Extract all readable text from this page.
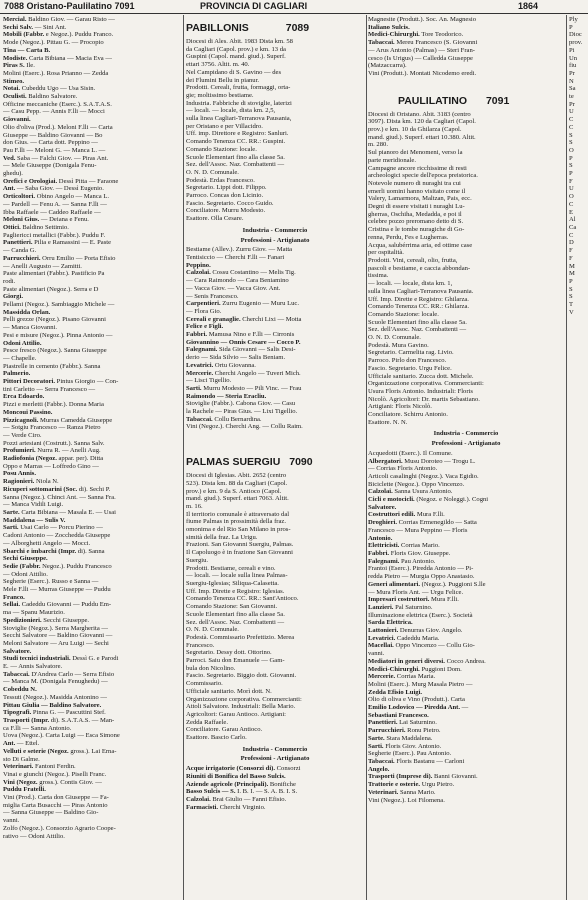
7088 Oristano-Paulilatino 7091	PROVINCIA DI CAGLIARI	1864
Mercial. Baldino Giov. — Garau Risto —
Sechi Salv. — Sini Ant.
Mobili (Fabbr. e Negoz.). Puddu Franco.
Mode (Negoz.). Pittau G. — Procopio
Tina — Carta B.
Modiste. Carta Bibiana — Macia Eva —
Piras S. Ile.
Molini (Eserc.). Rosa Prianno — Zedda
Stimeo.
Notai. Cubeddu Ugo — Usa Sisin.
Oculisti. Baldino Salvatore.
Officine meccaniche (Eserc.). S.A.T.A.S.
— Casu Pepp. — Annis F.lli — Mocci
Giovanni.
Olio d'oliva (Prod.). Meloni F.lli — Carta
Giuseppe — Baldino Giovanni — Bo
don Gius. — Carta dott. Peppino —
Pau F.lli — Meloni G. — Manca L. —
Ved. Saba — Falchi Giov. — Piras Ant.
— Mele Giuseppe (Donigala Fenu-
ghedu).
Orefici e Orologiai. Dessì Pitta — Faraone
Ant. — Saba Giov. — Dessì Eugenio.
Orticoltori. Obino Angelo — Manca L.
— Pardell — Fenu A. — Sanna F.lli —
Ibba Raffaele — Caddeo Raffaele —
Meloni Gius. — Deiana e Fenu.
Ottici. Baldino Settimio.
Pagliericci metallici (Fabbr.). Puddu F.
Panettieri. Pilia e Ramassini — E. Paste
— Canda G.
Parrucchieri. Orru Emilio — Porta Efisio
— Anelli Augusto — Zamitti.
Paste alimentari (Fabbr.). Pastificio Pa
rodi.
Paste alimentari (Negoz.). Serra e D
Giorgi.
Pellami (Negoz.). Sambiaggio Michele —
Massidda Orlan.
Pelli grezze (Negoz.). Pisano Giovanni
— Manca Giovanni.
Pesi e misure (Negoz.). Pinna Antonio —
Odoni Attilio.
Pesce fresco (Negoz.). Sanna Giuseppe
— Chapelle.
Piastrelle in cemento (Fabbr.). Sanna
Palmerio.
Pittori Decoratori. Pintus Giorgio — Con-
tini Carletto — Serra Francesco —
Erca Edoardo.
Pizzi e merletti (Fabbr.). Donna Maria
Moncoui Passino.
Pizzicagnoli. Murras Camedda Giuseppe
— Sotgiu Francesco — Ranza Pietro
— Verde Ciro.
Pozzi artesiani (Costrutt.). Sanna Salv.
Profumieri. Nurra R. — Anelli Aug.
Radiofonia (Negoz. appar. per). Ditta
Oppo e Marras — Loffredo Gino —
Posu Annis.
Ragionieri. Niola N.
Ricuperi sottomarini (Soc. di). Sechi P.
Sanna (Negoz.). Chinci Ant. — Sanna Fra.
— Manca Vidili Luigi.
Sarte. Carta Bibiana — Masala E. — Usai
Maddalena — Sulis V.
Sarti. Usai Carlo — Porcu Pierino —
Cadoni Antonio — Zocchedda Giuseppe
— Alborghetti Angelo — Mocci.
Sbarchi e imbarchi (Impr. di). Sanna
Sechi Giuseppe.
Sedie (Fabbr. Negoz.). Puddu Francesco
— Odoni Attilio.
Segherie (Eserc.). Russo e Sanna —
Mele F.lli — Murras Giuseppe — Puddu
Franco.
Sellai. Cadeddu Giovanni — Puddu Em-
ma — Spanu Maurizio.
Spedizionieri. Secchi Giuseppe.
Stoviglie (Negoz.). Serra Margherita —
Secchi Salvatore — Baldino Giovanni —
Meloni Salvatore — Aru Luigi — Sechi
Salvatore.
Studi tecnici industriali. Dessì G. e Parodi
E. — Annis Salvatore.
Tabaccai. D'Andrea Carlo — Serra Efisio
— Manca M. (Donigala Fenughedu) —
Cobeddu N.
Tessuti (Negoz.). Masidda Antonino —
Pittau Giulia — Baldino Salvatore.
Tipografi. Pinna G. — Pascuttini Stef.
Trasporti (Impr. di). S.A.T.A.S. — Man-
ca F.lli — Sanna Antonio.
Uova (Negoz.). Carta Luigi — Esca Simone
Ant. — Ettel.
Velluti e seterie (Negoz. gross.). Lai Erna-
sto Di Galme.
Veterinari. Fantoni Ferdin.
Vinai e giunchi (Negoz.). Piselli Franc.
Vini (Negoz. gross.). Contis Giov. —
Puddu Fratelli.
Vini (Prod.). Carta don Giuseppe — Fa-
miglia Carta Busacchi — Piras Antonio
— Sanna Giuseppe — Baldino Gio-
vanni.
Zolfo (Negoz.). Consorzio Agrario Coope-
rativo — Odoni Attilio.
PABILLONIS	7089
Diocesi di Ales. Abit. 1983 Dista km. 58
da Cagliari (Capol. prov.) e km. 13 da
Guspini (Capol. mand. giud.). Superf.
ettari 3756. Altit. m. 40.
Nel Campidano di S. Gavino — des
dei Flumini Bellu in pianur.
Prodotti. Cereali, frutta, formaggi, orta-
gie; moltissimo bestiame.
Industria. Fabbriche di stoviglie, laterizi
— locali. — locale, dista km. 2,5,
sulla linea Cagliari-Terranova Pausania,
per Oristano e per Villacidro.
Uff. imp. Direttore e Registro: Sanluri.
Comando Tenenza CC. RR.: Guspini.
Comando Stazione: locale.
Scuole Elementari fino alla classe 5a.
Sez. dell'Assoc. Naz. Combattenti —
O. N. D. Comunale.
Podestà. Erdas Francesco.
Segretario. Lippi dott. Filippo.
Parroco. Concas don Licinio.
Fascio. Segretario. Cocco Guido.
Conciliatore. Murru Modesto.
Esattore. Olla Cesare.
Industria - Commercio
Professioni - Artigianato
Bestiame (Allev.). Zurru Giov. — Matta
Tentisiccio — Cherchi F.lli — Fanari
Peppino.
Calzolai. Cossu Costantino — Melis Tig.
— Cara Raimondo — Cara Beniamino
— Vacca Giov. — Vacca Giov. Ant.
— Senis Francesco.
Carpentieri. Zurru Eugenio — Muru Luc.
— Flora Gio.
Cereali e granaglie. Cherchi Lixi — Motta
Felice e Figli.
Fabbri. Mamusa Nino e F.lli — Cirronis
Giovannino — Onnis Cesare — Cocco P.
Falegnami. Sida Giovanni — Salis Desi-
derio — Sida Silvio — Salis Beniam.
Levatrici. Ortu Giovanna.
Mercerie. Cherchi Angelo — Tuveri Mich.
— Lisci Tigellio.
Sarti. Murru Modesto — Pili Vinc. — Frau
Raimondo — Steria Eracliu.
Stoviglie (Fabbr.). Cabona Giov. — Casu
la Rachele — Piras Gius. — Lixi Tigellio.
Tabaccai. Collu Bernardina.
Vini (Negoz.). Cherchi Ang. — Collu Raim.
PALMAS SUERGIU 7090
Diocesi di Iglesias. Abit. 2652 (centro
523). Dista km. 88 da Cagliari (Capol.
prov.) e km. 9 da S. Antioco (Capol.
mand. giud.). Superf. ettari 7063. Altit.
m. 16.
Il territorio comunale è attraversato dal
fiume Palmas in prossimità della fraz.
omonima e del Rio San Milano in pros-
simità della fraz. La Urigu.
Frazioni. San Giovanni Suergiu, Palmas.
Il Capoluogo è in frazione San Giovanni
Suergiu.
Prodotti. Bestiame, cereali e vino.
— locali. — locale sulla linea Palmas-
Suergiu-Iglesias; Siliqua-Calasetta.
Uff. Imp. Dirette e Registro: Iglesias.
Comando Tenenza CC. RR.: Sant'Antioco.
Comando Stazione: San Giovanni.
Scuole Elementari fino alla classe 5a.
Sez. dell'Assoc. Naz. Combattenti —
O. N. D. Comunale.
Podestà. Commissario Prefettizio. Merea
Francesco.
Segretario. Dessy dott. Ottorino.
Parroci. Saiu don Emanuele — Gam-
bula don Nicolino.
Fascio. Segretario. Biggio dott. Giovanni.
Commissario.
Ufficiale sanitario. Morì dott. N.
Organizzazione corporativa. Commercianti:
Attoli Salvatore. Industriali: Bella Mario.
Agricoltori: Garau Antioco. Artigiani:
Zedda Raffaele.
Conciliatore. Garau Antioco.
Esattore. Bascio Carlo.
Industria - Commercio
Professioni - Artigianato
Acque irrigatorie (Consorzi di). Consorzi
Riuniti di Bonifica del Basso Sulcis.
Aziende agricole (Principali). Bonifiche
Basso Sulcis — S. I. B. I. — S. A. B. I. S.
Calzolai. Brai Giulio — Fanni Efisio.
Farmacisti. Cherchi Virginio.
Magnesite (Produtt.). Soc. An. Magnesio
Italiano Sulcis.
Medici-Chirurghi. Tore Teodorico.
Tabaccai. Mereu Francesco (S. Giovanni
— Arus Antonio (Palmas) — Steri Fran-
cesco (Is Urigus) — Calledda Giuseppe
(Matzaccarra).
Vini (Produtt.). Montati Nicodemo eredi.
PAULILATINO 7091
Diocesi di Oristano. Abit. 3183 (centro
3097). Dista km. 120 da Cagliari (Capol.
prov.) e km. 10 da Ghilarza (Capol.
mand. giud.). Superf. ettari 10.380. Altit.
m. 280.
Sul pianoro dei Menomeni, verso la
parte meridionale.
Campagne ancore ricchissime di resti
archeologici specie dell'epoca preistorica.
Notevole numero di nuraghi tra cui
emerli uomini hanno visitato come il
Valery, Lamarmora, Maltzan, Pais, ecc.
Degni di essere visitati i nuraghi Lu-
gherras, Oschiha, Medadda, e poi il
celebre pozzo preromano detto di S.
Cristina e le tombe nuragiche di Go-
renna, Perdu, Fes e Lugherras.
Acqua, salubérrima aria, ed ottime case
per ospitalità.
Prodotti. Vini, cereali, olio, frutta,
pascoli e bestiame, e caccia abbondan-
tissima.
— locali. — locale, dista km. 1,
sulla linea Cagliari-Terranova Pausania.
Uff. Imp. Dirette e Registro: Ghilarza.
Comando Tenenza CC. RR.: Ghilarza.
Comando Stazione: locale.
Scuole Elementari fino alla classe 5a.
Sez. dell'Assoc. Naz. Combattenti —
O. N. D. Comunale.
Podestà. Mura Gavino.
Segretario. Carmelita rag. Livio.
Parroco. Pirlo don Francesco.
Fascio. Segretario. Urgu Felice.
Ufficiale sanitario. Zucca dott. Michele.
Organizzazione corporativa. Commercianti:
Usura Floris Antonio. Industriali: Floris
Nicolò. Agricoltori: Dr. martis Sebastiano.
Artigiani: Floris Nicolò.
Conciliatore. Schirru Antonio.
Esattore. N. N.
Industria - Commercio
Professioni - Artigianato
Acquedotti (Eserc.). Il Comune.
Albergatori. Musu Doroteo — Trogu L.
— Corrias Floris Antonio.
Articoli casalinghi (Negoz.). Vaca Egidio.
Biciclette (Negoz.). Oppo Vincenzo.
Calzolai. Sanna Usura Antonio.
Cicli e motocicli. (Negoz. e Noleggi.). Cogni
Salvatore.
Costruttori edili. Mura F.lli.
Droghieri. Corrias Ermenegildo — Satta
Francesco — Mura Peppino — Floris
Antonio.
Elettricisti. Corrias Mario.
Fabbri. Floris Giov. Giuseppe.
Falegnami. Pau Antonio.
Frantoi (Eserc.). Piredda Antonio — Pi-
redda Pietro — Murgia Oppo Anastasio.
Generi alimentari. (Negoz.). Puggioni S.lle
— Mura Floris Ant. — Urgu Felice.
Impresari costruttori. Mura F.lli.
Lanzieri. Pal Saturnino.
Illuminazione elettrica (Eserc.). Società
Sarda Elettrica.
Lattonieri. Denurras Giov. Angelo.
Levatrici. Cadeddu Maria.
Macellai. Oppo Vincenzo — Collu Gio-
vanni.
Mediatori in generi diversi. Cocco Andrea.
Medici-Chirurghi. Puggioni Dom.
Mercerie. Corrias Maria.
Molini (Eserc.). Murg Masala Pietro —
Zedda Efisio Luigi.
Olio di oliva e Vino (Produtt.). Carta
Emilio Lodovico — Piredda Ant. —
Sebastiani Francesco.
Panettieri. Lai Saturnino.
Parrucchieri. Ronu Pietro.
Sarte. Stara Maddalena.
Sarti. Floris Giov. Antonio.
Segherie (Eserc.). Pau Antonio.
Tabaccai. Floris Bastanu — Carloni
Angelo.
Trasporti (Imprese di). Banni Giovanni.
Trattorie e osterie. Urgu Pietro.
Veterinari. Sanna Mario.
Vini (Negoz.). Loi Filomena.
Ply
P
Dioc
prov.
Pi
Un
fiu
Pr
N
Sa
te
Pr
U
C
C
S
S
O
P
S
P
F
U
O
C
E
Al
Ca
C
D
F
F
M
M
P
S
S
T
V
